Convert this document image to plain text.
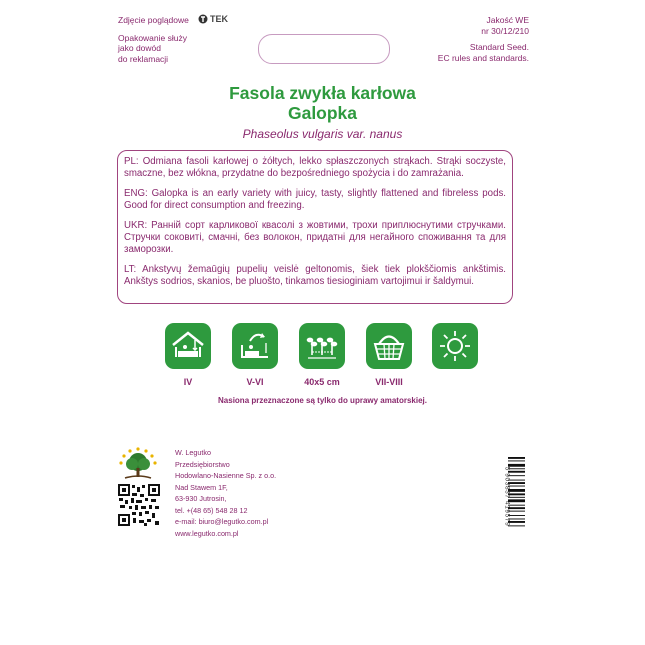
Zdjęcie poglądowe
Opakowanie służy
jako dowód
do reklamacji
TEK	Jakość WE
nr 30/12/210
Standard Seed.
EC rules and standards.
Fasola zwykła karłowa
Galopka
Phaseolus vulgaris var. nanus

PL: Odmiana fasoli karłowej o żółtych, lekko spłaszczonych strąkach. Strąki soczyste, smaczne, bez włókna, przydatne do bezpośredniego spożycia i do zamrażania.

ENG: Galopka is an early variety with juicy, tasty, slightly flattened and fibreless pods. Good for direct consumption and freezing.

UKR: Ранній сорт карликової квасолі з жовтими, трохи приплюснутими стручками. Стручки соковиті, смачні, без волокон, придатні для негайного споживання та для заморозки.

LT: Ankstyvų žemaūgių pupelių veislė geltonomis, šiek tiek plokščiomis ankštimis. Ankštys sodrios, skanios, be pluošto, tinkamos tiesioginiam vartojimui ir šaldymui.

IV	V-VI	40x5 cm	VII-VIII
Nasiona przeznaczone są tylko do uprawy amatorskiej.
W. Legutko
Przedsiębiorstwo
Hodowlano-Nasienne Sp. z o.o.
Nad Stawem 1F,
63-930 Jutrosin,
tel. +(48 65) 548 28 12
e-mail: biuro@legutko.com.pl
www.legutko.com.pl
5 903837 419579
